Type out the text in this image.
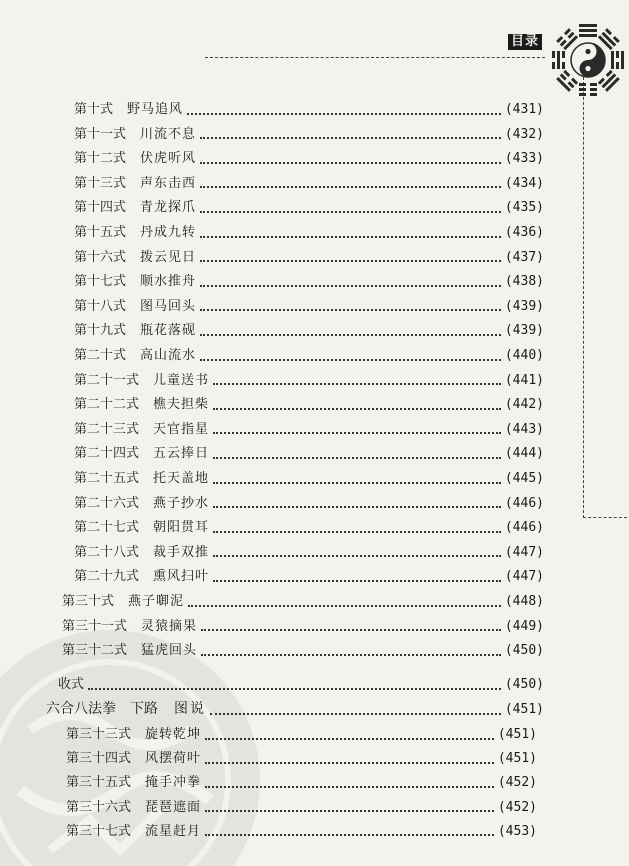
目录
第十式 野马追风	(431)
第十一式 川流不息	(432)
第十二式 伏虎听风	(433)
第十三式 声东击西	(434)
第十四式 青龙探爪	(435)
第十五式 丹成九转	(436)
第十六式 拨云见日	(437)
第十七式 顺水推舟	(438)
第十八式 图马回头	(439)
第十九式 瓶花落砚	(439)
第二十式 高山流水	(440)
第二十一式 儿童送书	(441)
第二十二式 樵夫担柴	(442)
第二十三式 天官指星	(443)
第二十四式 五云捧日	(444)
第二十五式 托天盖地	(445)
第二十六式 燕子抄水	(446)
第二十七式 朝阳贯耳	(446)
第二十八式 裁手双推	(447)
第二十九式 熏风扫叶	(447)
第三十式 燕子啣泥	(448)
第三十一式 灵猿摘果	(449)
第三十二式 猛虎回头	(450)
收式	(450)
六合八法拳　下路 图说	(451)
第三十三式 旋转乾坤	(451)
第三十四式 风摆荷叶	(451)
第三十五式 掩手冲拳	(452)
第三十六式 琵琶遮面	(452)
第三十七式 流星赶月	(453)
